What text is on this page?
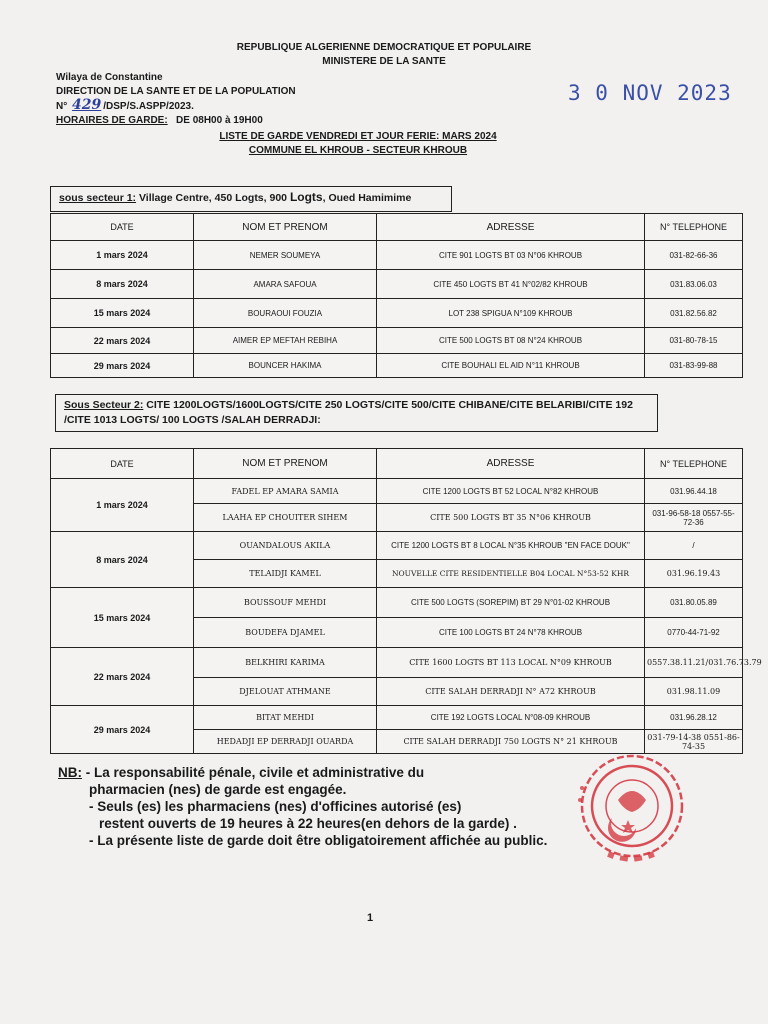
REPUBLIQUE ALGERIENNE DEMOCRATIQUE ET POPULAIRE
MINISTERE DE LA SANTE
Wilaya de Constantine
DIRECTION DE LA SANTE ET DE LA POPULATION
N° 429 /DSP/S.ASPP/2023.
HORAIRES DE GARDE: DE 08H00 à 19H00
3 0 NOV 2023
LISTE DE GARDE VENDREDI ET JOUR FERIE: MARS 2024
COMMUNE EL KHROUB - SECTEUR KHROUB
sous secteur 1: Village Centre, 450 Logts, 900 Logts, Oued Hamimime
DATE	NOM ET PRENOM	ADRESSE	N° TELEPHONE
1 mars 2024	NEMER SOUMEYA	CITE 901 LOGTS BT 03 N°06 KHROUB	031-82-66-36
8 mars 2024	AMARA SAFOUA	CITE 450 LOGTS BT 41 N°02/82 KHROUB	031.83.06.03
15 mars 2024	BOURAOUI FOUZIA	LOT 238 SPIGUA N°109 KHROUB	031.82.56.82
22 mars 2024	AIMER EP MEFTAH REBIHA	CITE 500 LOGTS BT 08 N°24 KHROUB	031-80-78-15
29 mars 2024	BOUNCER HAKIMA	CITE BOUHALI EL AID N°11 KHROUB	031-83-99-88
Sous Secteur 2: CITE 1200LOGTS/1600LOGTS/CITE 250 LOGTS/CITE 500/CITE CHIBANE/CITE BELARIBI/CITE 192
/CITE 1013 LOGTS/ 100 LOGTS /SALAH DERRADJI:
DATE	NOM ET PRENOM	ADRESSE	N° TELEPHONE
1 mars 2024	FADEL EP AMARA SAMIA	CITE 1200 LOGTS BT 52 LOCAL N°82 KHROUB	031.96.44.18
	LAAHA EP CHOUITER SIHEM	CITE 500 LOGTS BT 35 N°06 KHROUB	031-96-58-18 0557-55-72-36
8 mars 2024	OUANDALOUS AKILA	CITE 1200 LOGTS BT 8 LOCAL N°35 KHROUB "EN FACE DOUK"	/
	TELAIDJI KAMEL	NOUVELLE CITE RESIDENTIELLE B04 LOCAL N°53-52 KHR	031.96.19.43
15 mars 2024	BOUSSOUF MEHDI	CITE 500 LOGTS (SOREPIM) BT 29 N°01-02 KHROUB	031.80.05.89
	BOUDEFA DJAMEL	CITE 100 LOGTS BT 24 N°78 KHROUB	0770-44-71-92
22 mars 2024	BELKHIRI KARIMA	CITE 1600 LOGTS BT 113 LOCAL N°09 KHROUB	0557.38.11.21/031.76.73.79
	DJELOUAT ATHMANE	CITE SALAH DERRADJI N° A72 KHROUB	031.98.11.09
29 mars 2024	BITAT MEHDI	CITE 192 LOGTS LOCAL N°08-09 KHROUB	031.96.28.12
	HEDADJI EP DERRADJI OUARDA	CITE SALAH DERRADJI 750 LOGTS N° 21 KHROUB	031-79-14-38 0551-86-74-35
NB: - La responsabilité pénale, civile et administrative du
pharmacien (nes) de garde est engagée.
- Seuls (es) les pharmaciens (nes) d'officines autorisé (es)
restent ouverts de 19 heures à 22 heures(en dehors de la garde) .
- La présente liste de garde doit être obligatoirement affichée au public.
1
